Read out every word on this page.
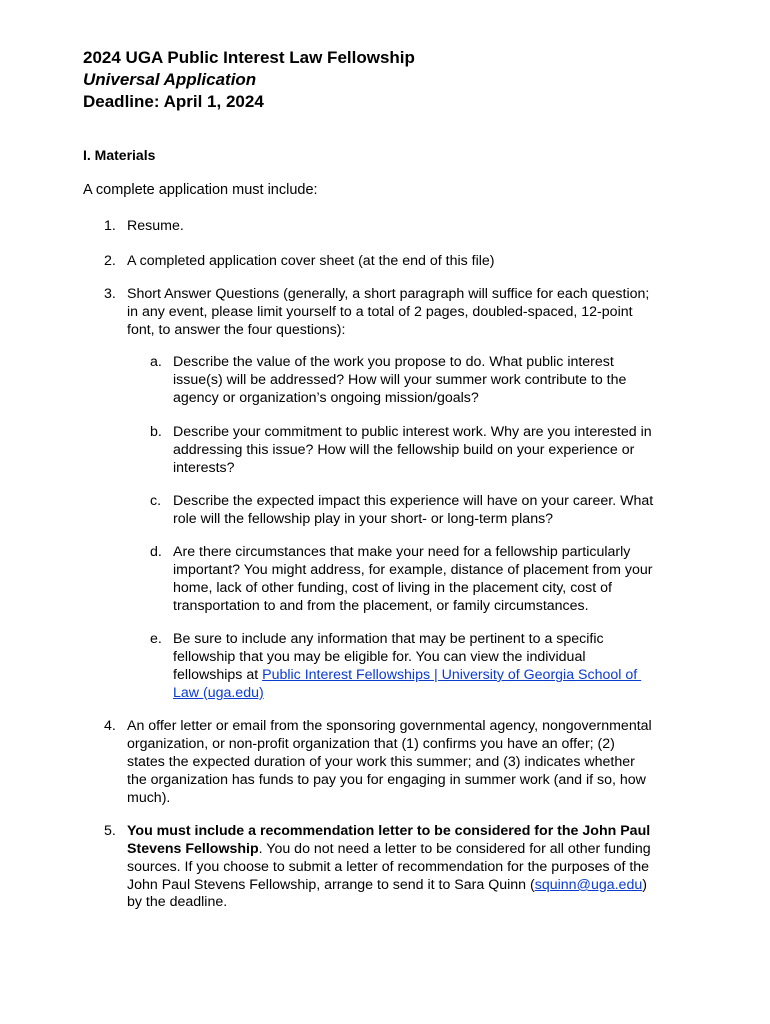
2024 UGA Public Interest Law Fellowship
Universal Application
Deadline: April 1, 2024
I. Materials
A complete application must include:
1. Resume.
2. A completed application cover sheet (at the end of this file)
3. Short Answer Questions (generally, a short paragraph will suffice for each question;
in any event, please limit yourself to a total of 2 pages, doubled-spaced, 12-point
font, to answer the four questions):
a. Describe the value of the work you propose to do. What public interest
issue(s) will be addressed? How will your summer work contribute to the
agency or organization’s ongoing mission/goals?
b. Describe your commitment to public interest work. Why are you interested in
addressing this issue? How will the fellowship build on your experience or
interests?
c. Describe the expected impact this experience will have on your career. What
role will the fellowship play in your short- or long-term plans?
d. Are there circumstances that make your need for a fellowship particularly
important? You might address, for example, distance of placement from your
home, lack of other funding, cost of living in the placement city, cost of
transportation to and from the placement, or family circumstances.
e. Be sure to include any information that may be pertinent to a specific
fellowship that you may be eligible for. You can view the individual
fellowships at Public Interest Fellowships | University of Georgia School of
Law (uga.edu)
4. An offer letter or email from the sponsoring governmental agency, nongovernmental
organization, or non-profit organization that (1) confirms you have an offer; (2)
states the expected duration of your work this summer; and (3) indicates whether
the organization has funds to pay you for engaging in summer work (and if so, how
much).
5. You must include a recommendation letter to be considered for the John Paul
Stevens Fellowship. You do not need a letter to be considered for all other funding
sources. If you choose to submit a letter of recommendation for the purposes of the
John Paul Stevens Fellowship, arrange to send it to Sara Quinn (squinn@uga.edu)
by the deadline.
